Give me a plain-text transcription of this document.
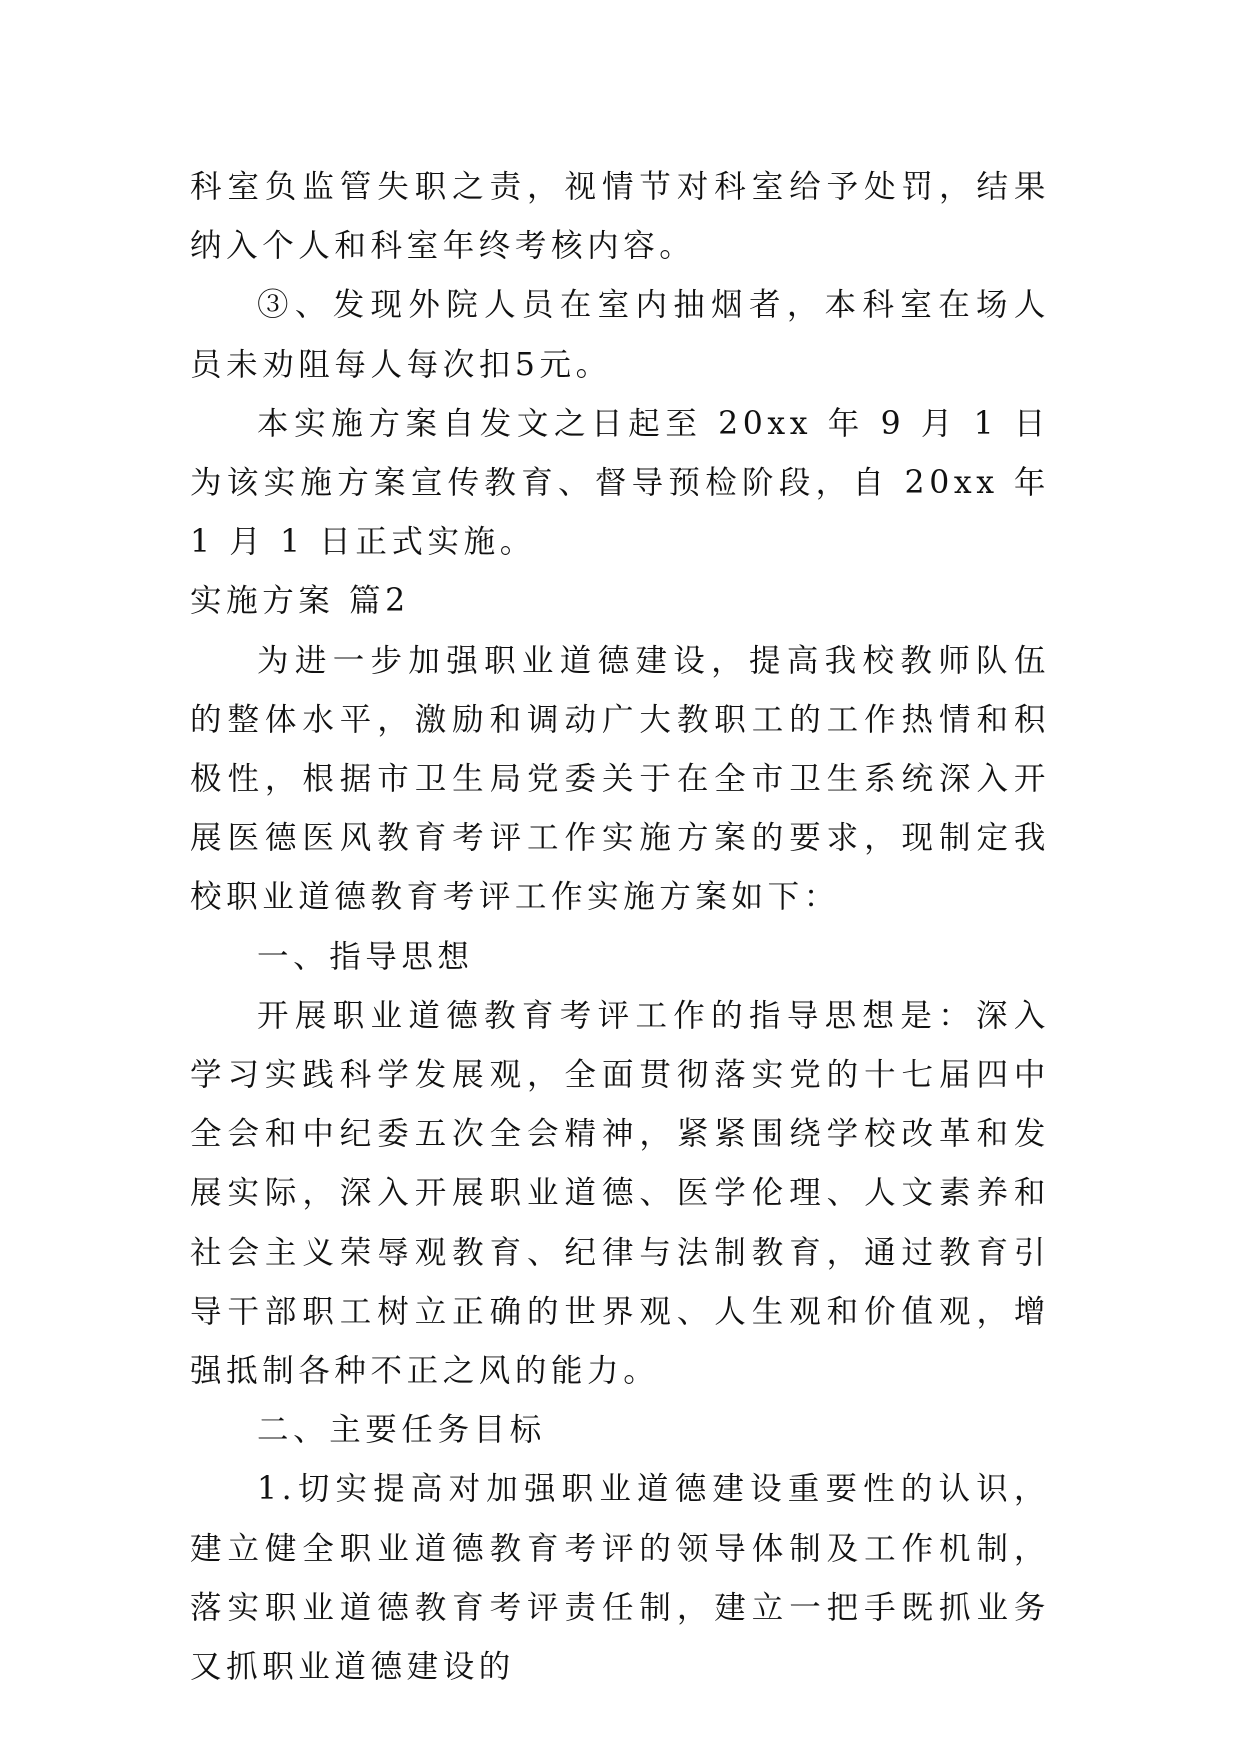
科室负监管失职之责，视情节对科室给予处罚，结果纳入个人和科室年终考核内容。

③、发现外院人员在室内抽烟者，本科室在场人员未劝阻每人每次扣5元。

本实施方案自发文之日起至 20xx 年 9 月 1 日为该实施方案宣传教育、督导预检阶段，自 20xx 年 1 月 1 日正式实施。

实施方案 篇2

为进一步加强职业道德建设，提高我校教师队伍的整体水平，激励和调动广大教职工的工作热情和积极性，根据市卫生局党委关于在全市卫生系统深入开展医德医风教育考评工作实施方案的要求，现制定我校职业道德教育考评工作实施方案如下：

一、指导思想

开展职业道德教育考评工作的指导思想是：深入学习实践科学发展观，全面贯彻落实党的十七届四中全会和中纪委五次全会精神，紧紧围绕学校改革和发展实际，深入开展职业道德、医学伦理、人文素养和社会主义荣辱观教育、纪律与法制教育，通过教育引导干部职工树立正确的世界观、人生观和价值观，增强抵制各种不正之风的能力。

二、主要任务目标

1.切实提高对加强职业道德建设重要性的认识，建立健全职业道德教育考评的领导体制及工作机制，落实职业道德教育考评责任制，建立一把手既抓业务又抓职业道德建设的
